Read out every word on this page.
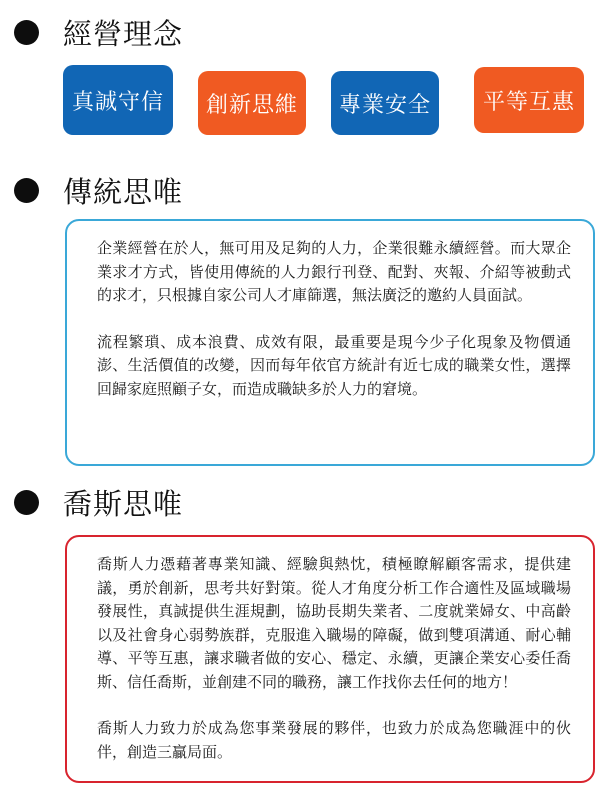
經營理念
真誠守信	創新思維	專業安全	平等互惠
傳統思唯

企業經營在於人，無可用及足夠的人力，企業很難永續經營。而大眾企業求才方式，皆使用傳統的人力銀行刊登、配對、夾報、介紹等被動式的求才，只根據自家公司人才庫篩選，無法廣泛的邀約人員面試。

流程繁瑣、成本浪費、成效有限，最重要是現今少子化現象及物價通澎、生活價值的改變，因而每年依官方統計有近七成的職業女性，選擇回歸家庭照顧子女，而造成職缺多於人力的窘境。

喬斯思唯

喬斯人力憑藉著專業知識、經驗與熱忱，積極瞭解顧客需求，提供建議，勇於創新，思考共好對策。從人才角度分析工作合適性及區域職場發展性，真誠提供生涯規劃，協助長期失業者、二度就業婦女、中高齡以及社會身心弱勢族群，克服進入職場的障礙，做到雙項溝通、耐心輔導、平等互惠，讓求職者做的安心、穩定、永續，更讓企業安心委任喬斯、信任喬斯，並創建不同的職務，讓工作找你去任何的地方！

喬斯人力致力於成為您事業發展的夥伴，也致力於成為您職涯中的伙伴，創造三贏局面。
